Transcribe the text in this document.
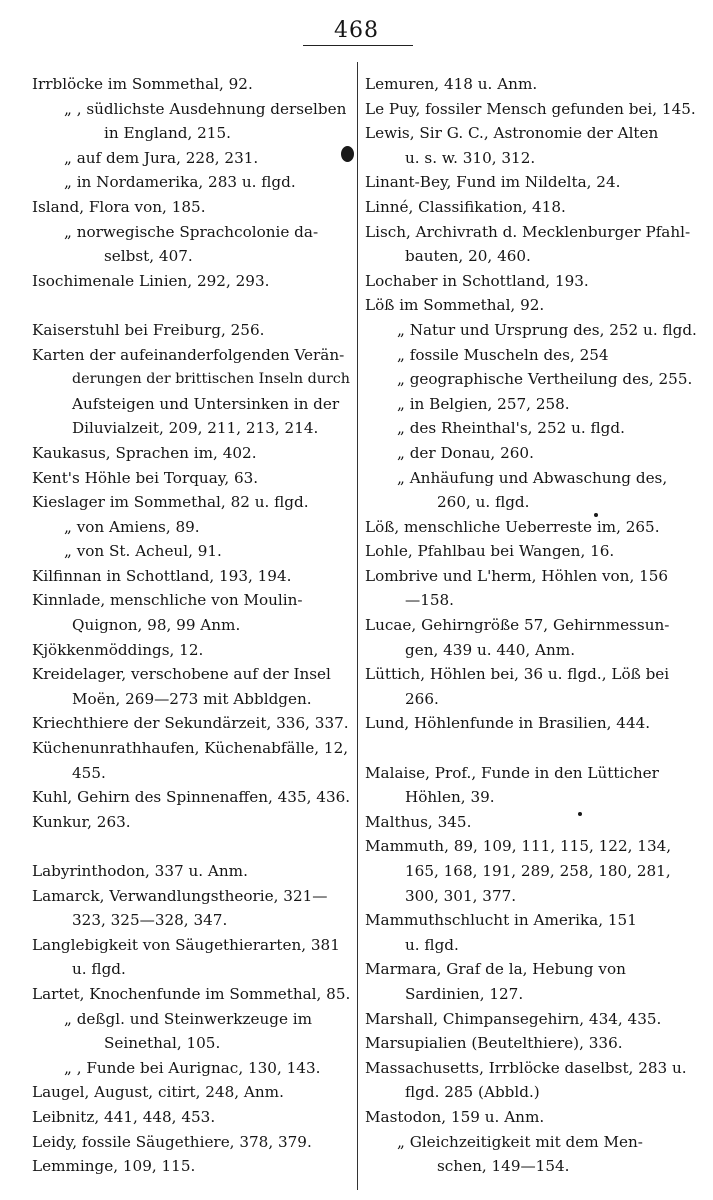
468

Irrblöcke im Sommethal, 92.

„ , südlichste Ausdehnung derselben
in England, 215.

„ auf dem Jura, 228, 231.

„ in Nordamerika, 283 u. flgd.

Island, Flora von, 185.

„ norwegische Sprachcolonie da-
selbst, 407.

Isochimenale Linien, 292, 293.

Kaiserstuhl bei Freiburg, 256.

Karten der aufeinanderfolgenden Verän-
derungen der brittischen Inseln durch
Aufsteigen und Untersinken in der
Diluvialzeit, 209, 211, 213, 214.

Kaukasus, Sprachen im, 402.

Kent's Höhle bei Torquay, 63.

Kieslager im Sommethal, 82 u. flgd.

„ von Amiens, 89.

„ von St. Acheul, 91.

Kilfinnan in Schottland, 193, 194.

Kinnlade, menschliche von Moulin-
Quignon, 98, 99 Anm.

Kjökkenmöddings, 12.

Kreidelager, verschobene auf der Insel
Moën, 269—273 mit Abbldgen.

Kriechthiere der Sekundärzeit, 336, 337.

Küchenunrathhaufen, Küchenabfälle, 12,
455.

Kuhl, Gehirn des Spinnenaffen, 435, 436.

Kunkur, 263.

Labyrinthodon, 337 u. Anm.

Lamarck, Verwandlungstheorie, 321—
323, 325—328, 347.

Langlebigkeit von Säugethierarten, 381
u. flgd.

Lartet, Knochenfunde im Sommethal, 85.

„ deßgl. und Steinwerkzeuge im
Seinethal, 105.

„ , Funde bei Aurignac, 130, 143.

Laugel, August, citirt, 248, Anm.

Leibnitz, 441, 448, 453.

Leidy, fossile Säugethiere, 378, 379.

Lemminge, 109, 115.

Lemuren, 418 u. Anm.

Le Puy, fossiler Mensch gefunden bei, 145.

Lewis, Sir G. C., Astronomie der Alten
u. s. w. 310, 312.

Linant-Bey, Fund im Nildelta, 24.

Linné, Classifikation, 418.

Lisch, Archivrath d. Mecklenburger Pfahl-
bauten, 20, 460.

Lochaber in Schottland, 193.

Löß im Sommethal, 92.

„ Natur und Ursprung des, 252 u. flgd.

„ fossile Muscheln des, 254

„ geographische Vertheilung des, 255.

„ in Belgien, 257, 258.

„ des Rheinthal's, 252 u. flgd.

„ der Donau, 260.

„ Anhäufung und Abwaschung des,
260, u. flgd.

Löß, menschliche Ueberreste im, 265.

Lohle, Pfahlbau bei Wangen, 16.

Lombrive und L'herm, Höhlen von, 156
—158.

Lucae, Gehirngröße 57, Gehirnmessun-
gen, 439 u. 440, Anm.

Lüttich, Höhlen bei, 36 u. flgd., Löß bei
266.

Lund, Höhlenfunde in Brasilien, 444.

Malaise, Prof., Funde in den Lütticher
Höhlen, 39.

Malthus, 345.

Mammuth, 89, 109, 111, 115, 122, 134,
165, 168, 191, 289, 258, 180, 281,
300, 301, 377.

Mammuthschlucht in Amerika, 151
u. flgd.

Marmara, Graf de la, Hebung von
Sardinien, 127.

Marshall, Chimpansegehirn, 434, 435.

Marsupialien (Beutelthiere), 336.

Massachusetts, Irrblöcke daselbst, 283 u.
flgd. 285 (Abbld.)

Mastodon, 159 u. Anm.

„ Gleichzeitigkeit mit dem Men-
schen, 149—154.
